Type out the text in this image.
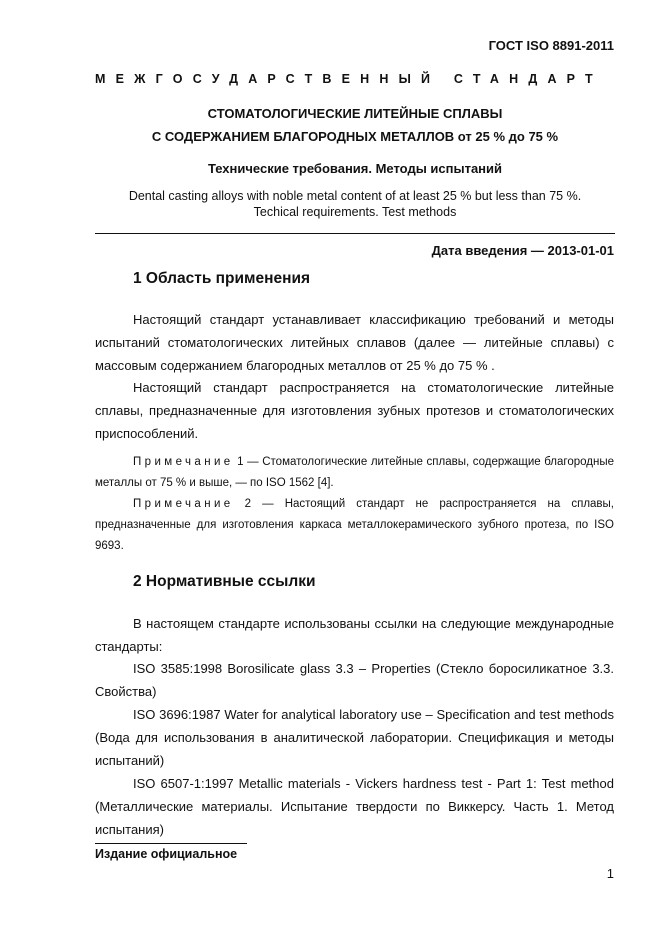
ГОСТ ISO 8891-2011
МЕЖГОСУДАРСТВЕННЫЙ СТАНДАРТ
СТОМАТОЛОГИЧЕСКИЕ ЛИТЕЙНЫЕ СПЛАВЫ
С СОДЕРЖАНИЕМ БЛАГОРОДНЫХ МЕТАЛЛОВ от 25 % до 75 %
Технические требования. Методы испытаний
Dental casting alloys with noble metal content of at least 25 % but less than 75 %.
Techical requirements. Test methods
Дата введения — 2013-01-01
1 Область применения
Настоящий стандарт устанавливает классификацию требований и методы испытаний стоматологических литейных сплавов (далее — литейные сплавы) с массовым содержанием благородных металлов от 25 % до 75 % .
Настоящий стандарт распространяется на стоматологические литейные сплавы, предназначенные для изготовления зубных протезов и стоматологических приспособлений.
Примечание 1 — Стоматологические литейные сплавы, содержащие благородные металлы от 75 % и выше, — по ISO 1562 [4].
Примечание 2 — Настоящий стандарт не распространяется на сплавы, предназначенные для изготовления каркаса металлокерамического зубного протеза, по ISO 9693.
2 Нормативные ссылки
В настоящем стандарте использованы ссылки на следующие международные стандарты:
ISO 3585:1998 Borosilicate glass 3.3 – Properties (Стекло боросиликатное 3.3. Свойства)
ISO 3696:1987 Water for analytical laboratory use – Specification and test methods (Вода для использования в аналитической лаборатории. Спецификация и методы испытаний)
ISO 6507-1:1997 Metallic materials - Vickers hardness test - Part 1: Test method (Металлические материалы. Испытание твердости по Виккерсу. Часть 1. Метод испытания)
Издание официальное
1
